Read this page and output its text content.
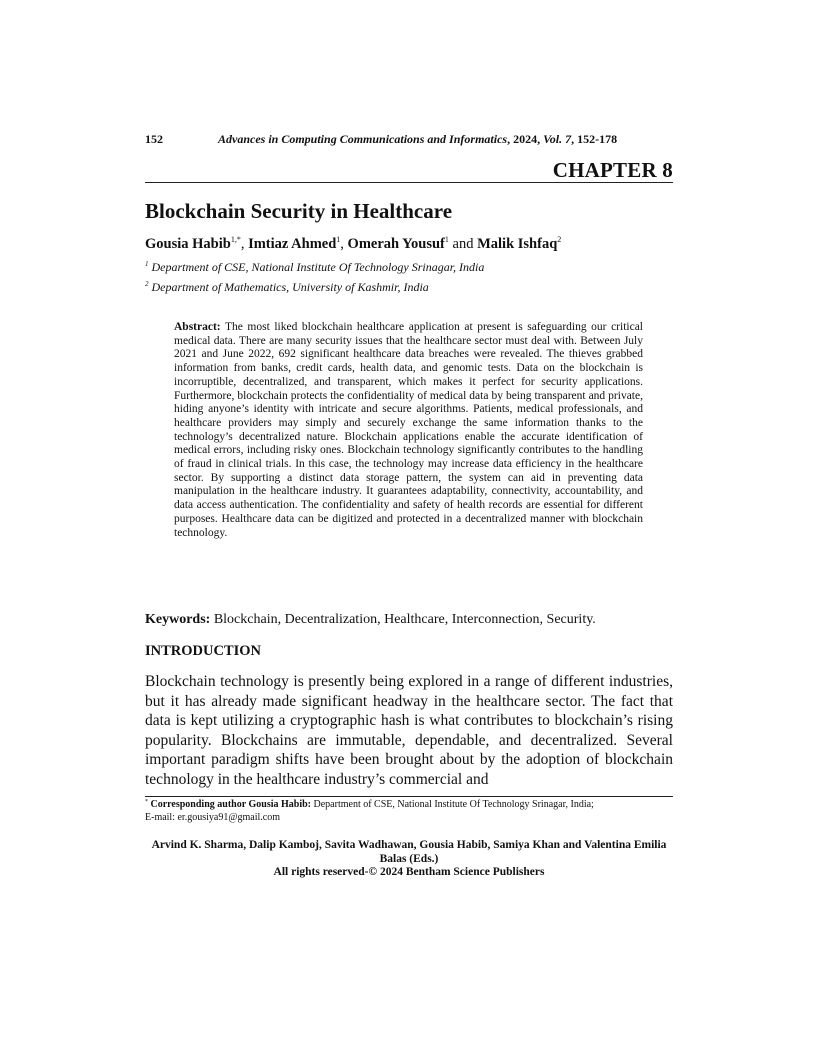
152	Advances in Computing Communications and Informatics, 2024, Vol. 7, 152-178
CHAPTER 8
Blockchain Security in Healthcare

Gousia Habib$^{1,*}$, Imtiaz Ahmed$^1$, Omerah Yousuf$^1$ and Malik Ishfaq$^2$

$^1$ Department of CSE, National Institute Of Technology Srinagar, India
$^2$ Department of Mathematics, University of Kashmir, India

Abstract: The most liked blockchain healthcare application at present is safeguarding our critical medical data. There are many security issues that the healthcare sector must deal with. Between July 2021 and June 2022, 692 significant healthcare data breaches were revealed. The thieves grabbed information from banks, credit cards, health data, and genomic tests. Data on the blockchain is incorruptible, decentralized, and transparent, which makes it perfect for security applications. Furthermore, blockchain protects the confidentiality of medical data by being transparent and private, hiding anyone’s identity with intricate and secure algorithms. Patients, medical professionals, and healthcare providers may simply and securely exchange the same information thanks to the technology’s decentralized nature. Blockchain applications enable the accurate identification of medical errors, including risky ones. Blockchain technology significantly contributes to the handling of fraud in clinical trials. In this case, the technology may increase data efficiency in the healthcare sector. By supporting a distinct data storage pattern, the system can aid in preventing data manipulation in the healthcare industry. It guarantees adaptability, connectivity, accountability, and data access authentication. The confidentiality and safety of health records are essential for different purposes. Healthcare data can be digitized and protected in a decentralized manner with blockchain technology.

Keywords: Blockchain, Decentralization, Healthcare, Interconnection, Security.

INTRODUCTION

Blockchain technology is presently being explored in a range of different industries, but it has already made significant headway in the healthcare sector. The fact that data is kept utilizing a cryptographic hash is what contributes to blockchain’s rising popularity. Blockchains are immutable, dependable, and decentralized. Several important paradigm shifts have been brought about by the adoption of blockchain technology in the healthcare industry’s commercial and

* Corresponding author Gousia Habib: Department of CSE, National Institute Of Technology Srinagar, India;
E-mail: er.gousiya91@gmail.com

Arvind K. Sharma, Dalip Kamboj, Savita Wadhawan, Gousia Habib, Samiya Khan and Valentina Emilia Balas (Eds.)
All rights reserved-© 2024 Bentham Science Publishers
